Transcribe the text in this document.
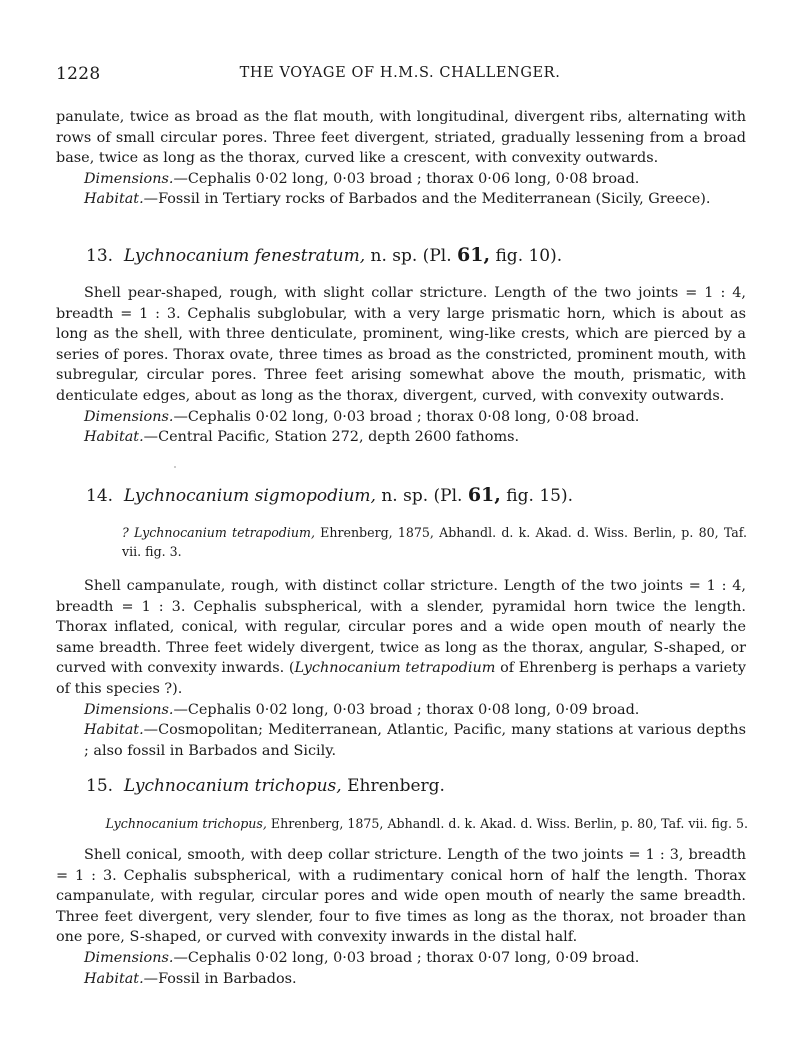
1228	THE VOYAGE OF H.M.S. CHALLENGER.

panulate, twice as broad as the flat mouth, with longitudinal, divergent ribs, alternating with rows of small circular pores. Three feet divergent, striated, gradually lessening from a broad base, twice as long as the thorax, curved like a crescent, with convexity outwards.

Dimensions.—Cephalis 0·02 long, 0·03 broad ; thorax 0·06 long, 0·08 broad.

Habitat.—Fossil in Tertiary rocks of Barbados and the Mediterranean (Sicily, Greece).

13. Lychnocanium fenestratum, n. sp. (Pl. 61, fig. 10).

Shell pear-shaped, rough, with slight collar stricture. Length of the two joints = 1 : 4, breadth = 1 : 3. Cephalis subglobular, with a very large prismatic horn, which is about as long as the shell, with three denticulate, prominent, wing-like crests, which are pierced by a series of pores. Thorax ovate, three times as broad as the constricted, prominent mouth, with subregular, circular pores. Three feet arising somewhat above the mouth, prismatic, with denticulate edges, about as long as the thorax, divergent, curved, with convexity outwards.

Dimensions.—Cephalis 0·02 long, 0·03 broad ; thorax 0·08 long, 0·08 broad.

Habitat.—Central Pacific, Station 272, depth 2600 fathoms.

14. Lychnocanium sigmopodium, n. sp. (Pl. 61, fig. 15).
? Lychnocanium tetrapodium, Ehrenberg, 1875, Abhandl. d. k. Akad. d. Wiss. Berlin, p. 80, Taf. vii. fig. 3.

Shell campanulate, rough, with distinct collar stricture. Length of the two joints = 1 : 4, breadth = 1 : 3. Cephalis subspherical, with a slender, pyramidal horn twice the length. Thorax inflated, conical, with regular, circular pores and a wide open mouth of nearly the same breadth. Three feet widely divergent, twice as long as the thorax, angular, S-shaped, or curved with convexity inwards. (Lychnocanium tetrapodium of Ehrenberg is perhaps a variety of this species ?).

Dimensions.—Cephalis 0·02 long, 0·03 broad ; thorax 0·08 long, 0·09 broad.

Habitat.—Cosmopolitan; Mediterranean, Atlantic, Pacific, many stations at various depths ; also fossil in Barbados and Sicily.

15. Lychnocanium trichopus, Ehrenberg.
Lychnocanium trichopus, Ehrenberg, 1875, Abhandl. d. k. Akad. d. Wiss. Berlin, p. 80, Taf. vii. fig. 5.

Shell conical, smooth, with deep collar stricture. Length of the two joints = 1 : 3, breadth = 1 : 3. Cephalis subspherical, with a rudimentary conical horn of half the length. Thorax campanulate, with regular, circular pores and wide open mouth of nearly the same breadth. Three feet divergent, very slender, four to five times as long as the thorax, not broader than one pore, S-shaped, or curved with convexity inwards in the distal half.

Dimensions.—Cephalis 0·02 long, 0·03 broad ; thorax 0·07 long, 0·09 broad.

Habitat.—Fossil in Barbados.
